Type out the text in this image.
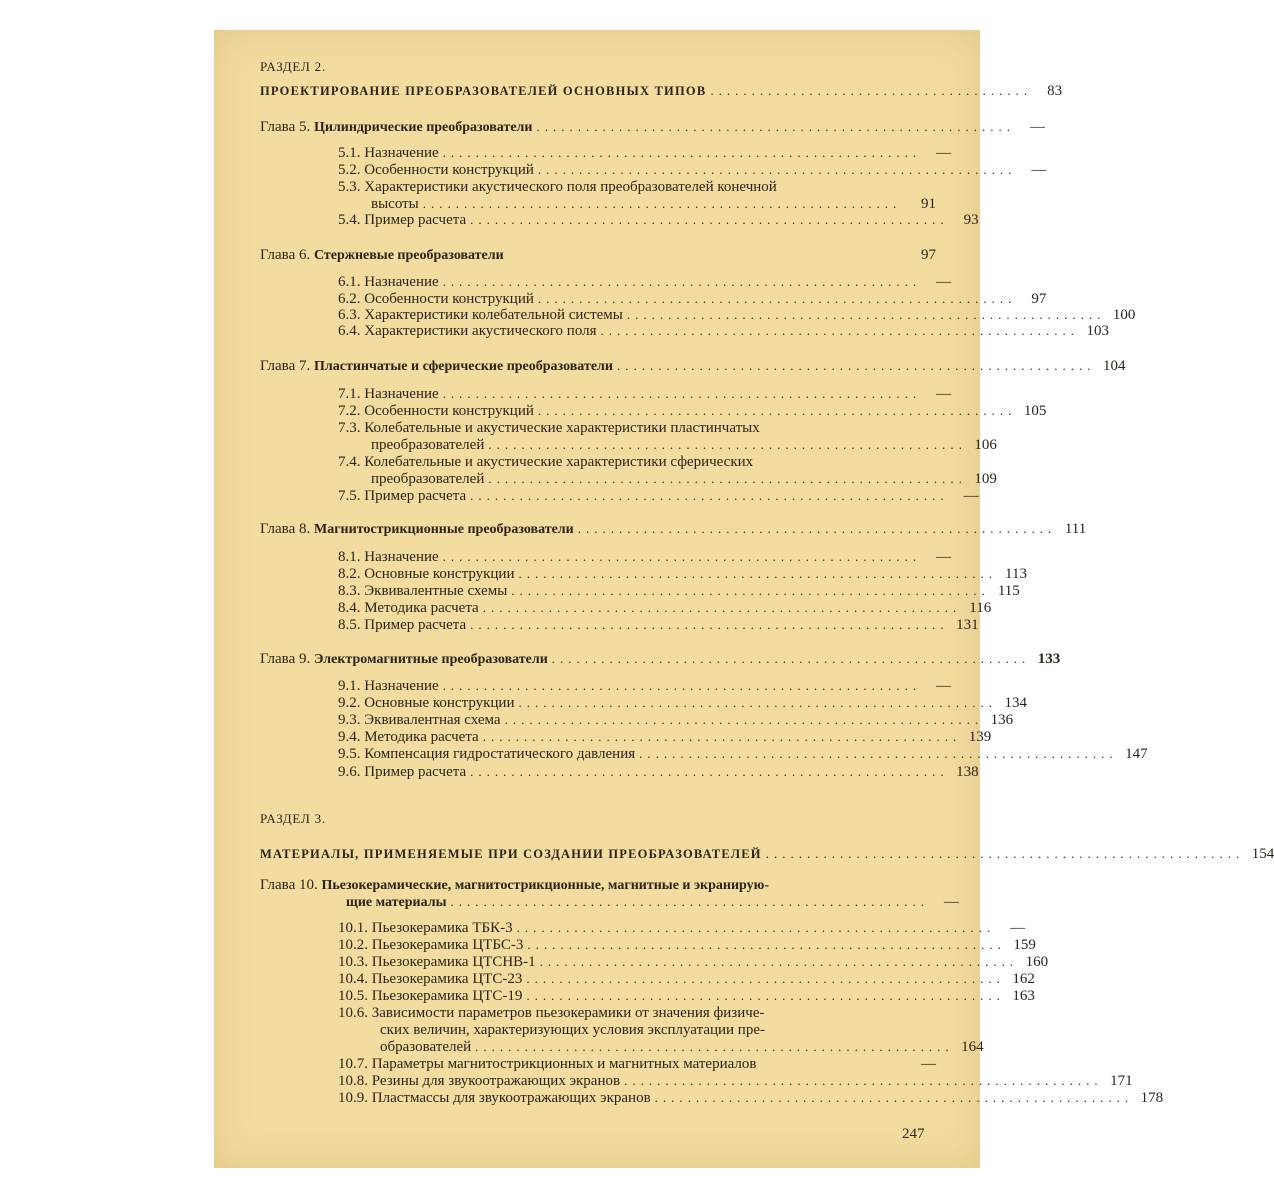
РАЗДЕЛ 2.
ПРОЕКТИРОВАНИЕ ПРЕОБРАЗОВАТЕЛЕЙ ОСНОВНЫХ ТИПОВ .......................................	83
Глава 5. Цилиндрические преобразователи ..........................................................	—
5.1. Назначение ..........................................................	—
5.2. Особенности конструкций ..........................................................	—
5.3. Характеристики акустического поля преобразователей конечной
высоты ..........................................................	91
5.4. Пример расчета ..........................................................	93
Глава 6. Стержневые преобразователи	97
6.1. Назначение ..........................................................	—
6.2. Особенности конструкций ..........................................................	97
6.3. Характеристики колебательной системы .......................................................... 100
6.4. Характеристики акустического поля .......................................................... 103
Глава 7. Пластинчатые и сферические преобразователи .......................................................... 104
7.1. Назначение ..........................................................	—
7.2. Особенности конструкций .......................................................... 105
7.3. Колебательные и акустические характеристики пластинчатых
преобразователей .......................................................... 106
7.4. Колебательные и акустические характеристики сферических
преобразователей .......................................................... 109
7.5. Пример расчета ..........................................................	—
Глава 8. Магнитострикционные преобразователи .......................................................... 111
8.1. Назначение ..........................................................	—
8.2. Основные конструкции .......................................................... 113
8.3. Эквивалентные схемы .......................................................... 115
8.4. Методика расчета .......................................................... 116
8.5. Пример расчета .......................................................... 131
Глава 9. Электромагнитные преобразователи .......................................................... 133
9.1. Назначение ..........................................................	—
9.2. Основные конструкции .......................................................... 134
9.3. Эквивалентная схема .......................................................... 136
9.4. Методика расчета .......................................................... 139
9.5. Компенсация гидростатического давления .......................................................... 147
9.6. Пример расчета .......................................................... 138
РАЗДЕЛ 3.
МАТЕРИАЛЫ, ПРИМЕНЯЕМЫЕ ПРИ СОЗДАНИИ ПРЕОБРАЗОВАТЕЛЕЙ .......................................................... 154
Глава 10. Пьезокерамические, магнитострикционные, магнитные и экранирую-
щие материалы ..........................................................	—
10.1. Пьезокерамика ТБК-3 ..........................................................	—
10.2. Пьезокерамика ЦТБС-3 .......................................................... 159
10.3. Пьезокерамика ЦТСНВ-1 .......................................................... 160
10.4. Пьезокерамика ЦТС-23 .......................................................... 162
10.5. Пьезокерамика ЦТС-19 .......................................................... 163
10.6. Зависимости параметров пьезокерамики от значения физиче-
ских величин, характеризующих условия эксплуатации пре-
образователей .......................................................... 164
10.7. Параметры магнитострикционных и магнитных материалов	—
10.8. Резины для звукоотражающих экранов .......................................................... 171
10.9. Пластмассы для звукоотражающих экранов .......................................................... 178
247
